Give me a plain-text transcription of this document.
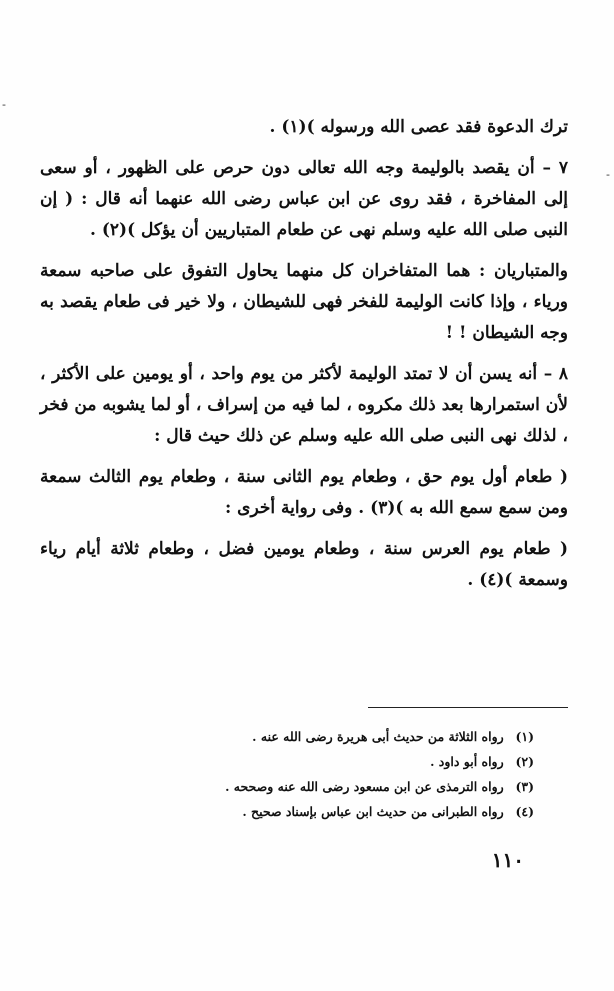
-
-

ترك الدعوة فقد عصى الله ورسوله )(١) .

٧ – أن يقصد بالوليمة وجه الله تعالى دون حرص على الظهور ، أو سعى إلى المفاخرة ، فقد روى عن ابن عباس رضى الله عنهما أنه قال : ( إن النبى صلى الله عليه وسلم نهى عن طعام المتباريين أن يؤكل )(٢) .

والمتباريان : هما المتفاخران كل منهما يحاول التفوق على صاحبه سمعة ورياء ، وإذا كانت الوليمة للفخر فهى للشيطان ، ولا خير فى طعام يقصد به وجه الشيطان ! !

٨ – أنه يسن أن لا تمتد الوليمة لأكثر من يوم واحد ، أو يومين على الأكثر ، لأن استمرارها بعد ذلك مكروه ، لما فيه من إسراف ، أو لما يشوبه من فخر ، لذلك نهى النبى صلى الله عليه وسلم عن ذلك حيث قال :

( طعام أول يوم حق ، وطعام يوم الثانى سنة ، وطعام يوم الثالث سمعة ومن سمع سمع الله به )(٣) . وفى رواية أخرى :

( طعام يوم العرس سنة ، وطعام يومين فضل ، وطعام ثلاثة أيام رياء وسمعة )(٤) .

(١) رواه الثلاثة من حديث أبى هريرة رضى الله عنه .
(٢) رواه أبو داود .
(٣) رواه الترمذى عن ابن مسعود رضى الله عنه وصححه .
(٤) رواه الطبرانى من حديث ابن عباس بإسناد صحيح .
١١٠
